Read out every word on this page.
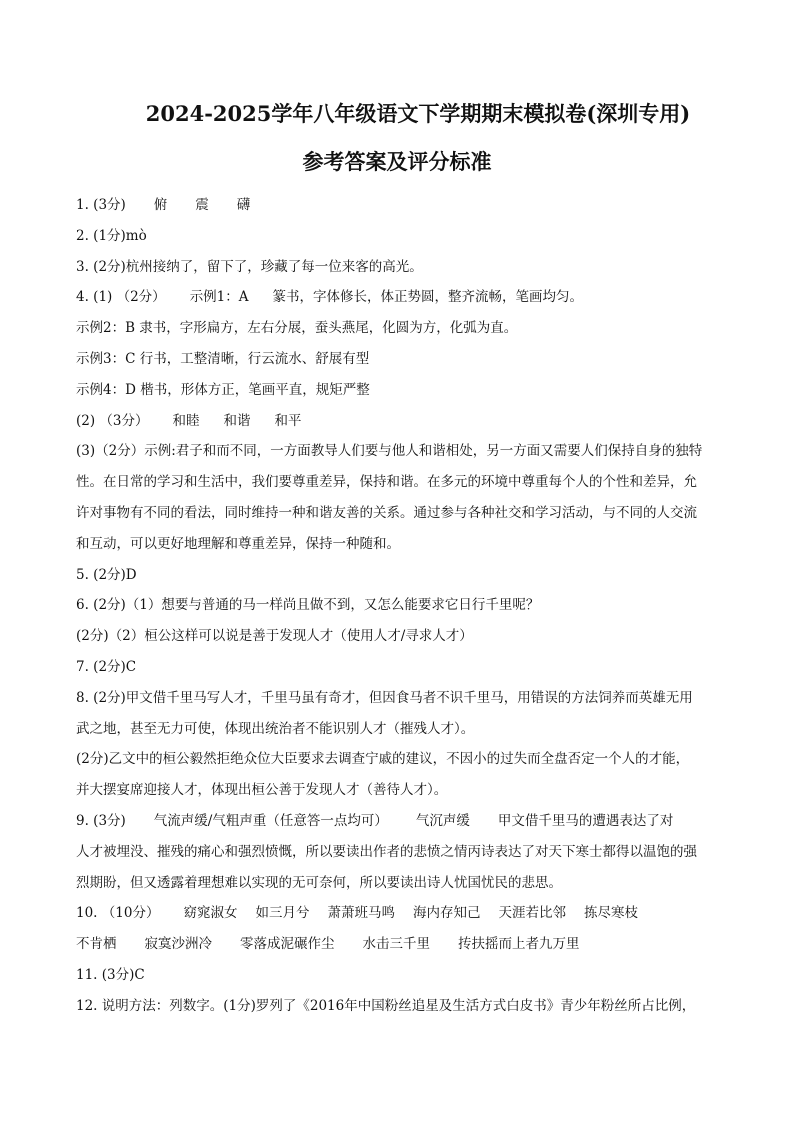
2024-2025学年八年级语文下学期期末模拟卷(深圳专用)
参考答案及评分标准
1. (3分) 俯 震 礴
2. (1分)mò
3. (2分)杭州接纳了，留下了，珍藏了每一位来客的高光。
4. (1) （2分） 示例1：A 篆书，字体修长，体正势圆，整齐流畅，笔画均匀。
示例2：B 隶书，字形扁方，左右分展，蚕头燕尾，化圆为方，化弧为直。
示例3：C 行书，工整清晰，行云流水、舒展有型
示例4：D 楷书，形体方正，笔画平直，规矩严整
(2) （3分） 和睦 和谐 和平
(3)（2分）示例:君子和而不同，一方面教导人们要与他人和谐相处，另一方面又需要人们保持自身的独特
性。在日常的学习和生活中，我们要尊重差异，保持和谐。在多元的环境中尊重每个人的个性和差异，允
许对事物有不同的看法，同时维持一种和谐友善的关系。通过参与各种社交和学习活动，与不同的人交流
和互动，可以更好地理解和尊重差异，保持一种随和。
5. (2分)D
6. (2分)（1）想要与普通的马一样尚且做不到，又怎么能要求它日行千里呢？
(2分)（2）桓公这样可以说是善于发现人才（使用人才/寻求人才）
7. (2分)C
8. (2分)甲文借千里马写人才，千里马虽有奇才，但因食马者不识千里马，用错误的方法饲养而英雄无用
武之地，甚至无力可使，体现出统治者不能识别人才（摧残人才）。
(2分)乙文中的桓公毅然拒绝众位大臣要求去调查宁戚的建议，不因小的过失而全盘否定一个人的才能，
并大摆宴席迎接人才，体现出桓公善于发现人才（善待人才）。
9. (3分) 气流声缓/气粗声重（任意答一点均可） 气沉声缓 甲文借千里马的遭遇表达了对
人才被埋没、摧残的痛心和强烈愤慨，所以要读出作者的悲愤之情丙诗表达了对天下寒士都得以温饱的强
烈期盼，但又透露着理想难以实现的无可奈何，所以要读出诗人忧国忧民的悲思。
10. （10分） 窈窕淑女 如三月兮 萧萧班马鸣 海内存知己 天涯若比邻 拣尽寒枝
不肯栖 寂寞沙洲冷 零落成泥碾作尘 水击三千里 抟扶摇而上者九万里
11. (3分)C
12. 说明方法：列数字。(1分)罗列了《2016年中国粉丝追星及生活方式白皮书》青少年粉丝所占比例，
